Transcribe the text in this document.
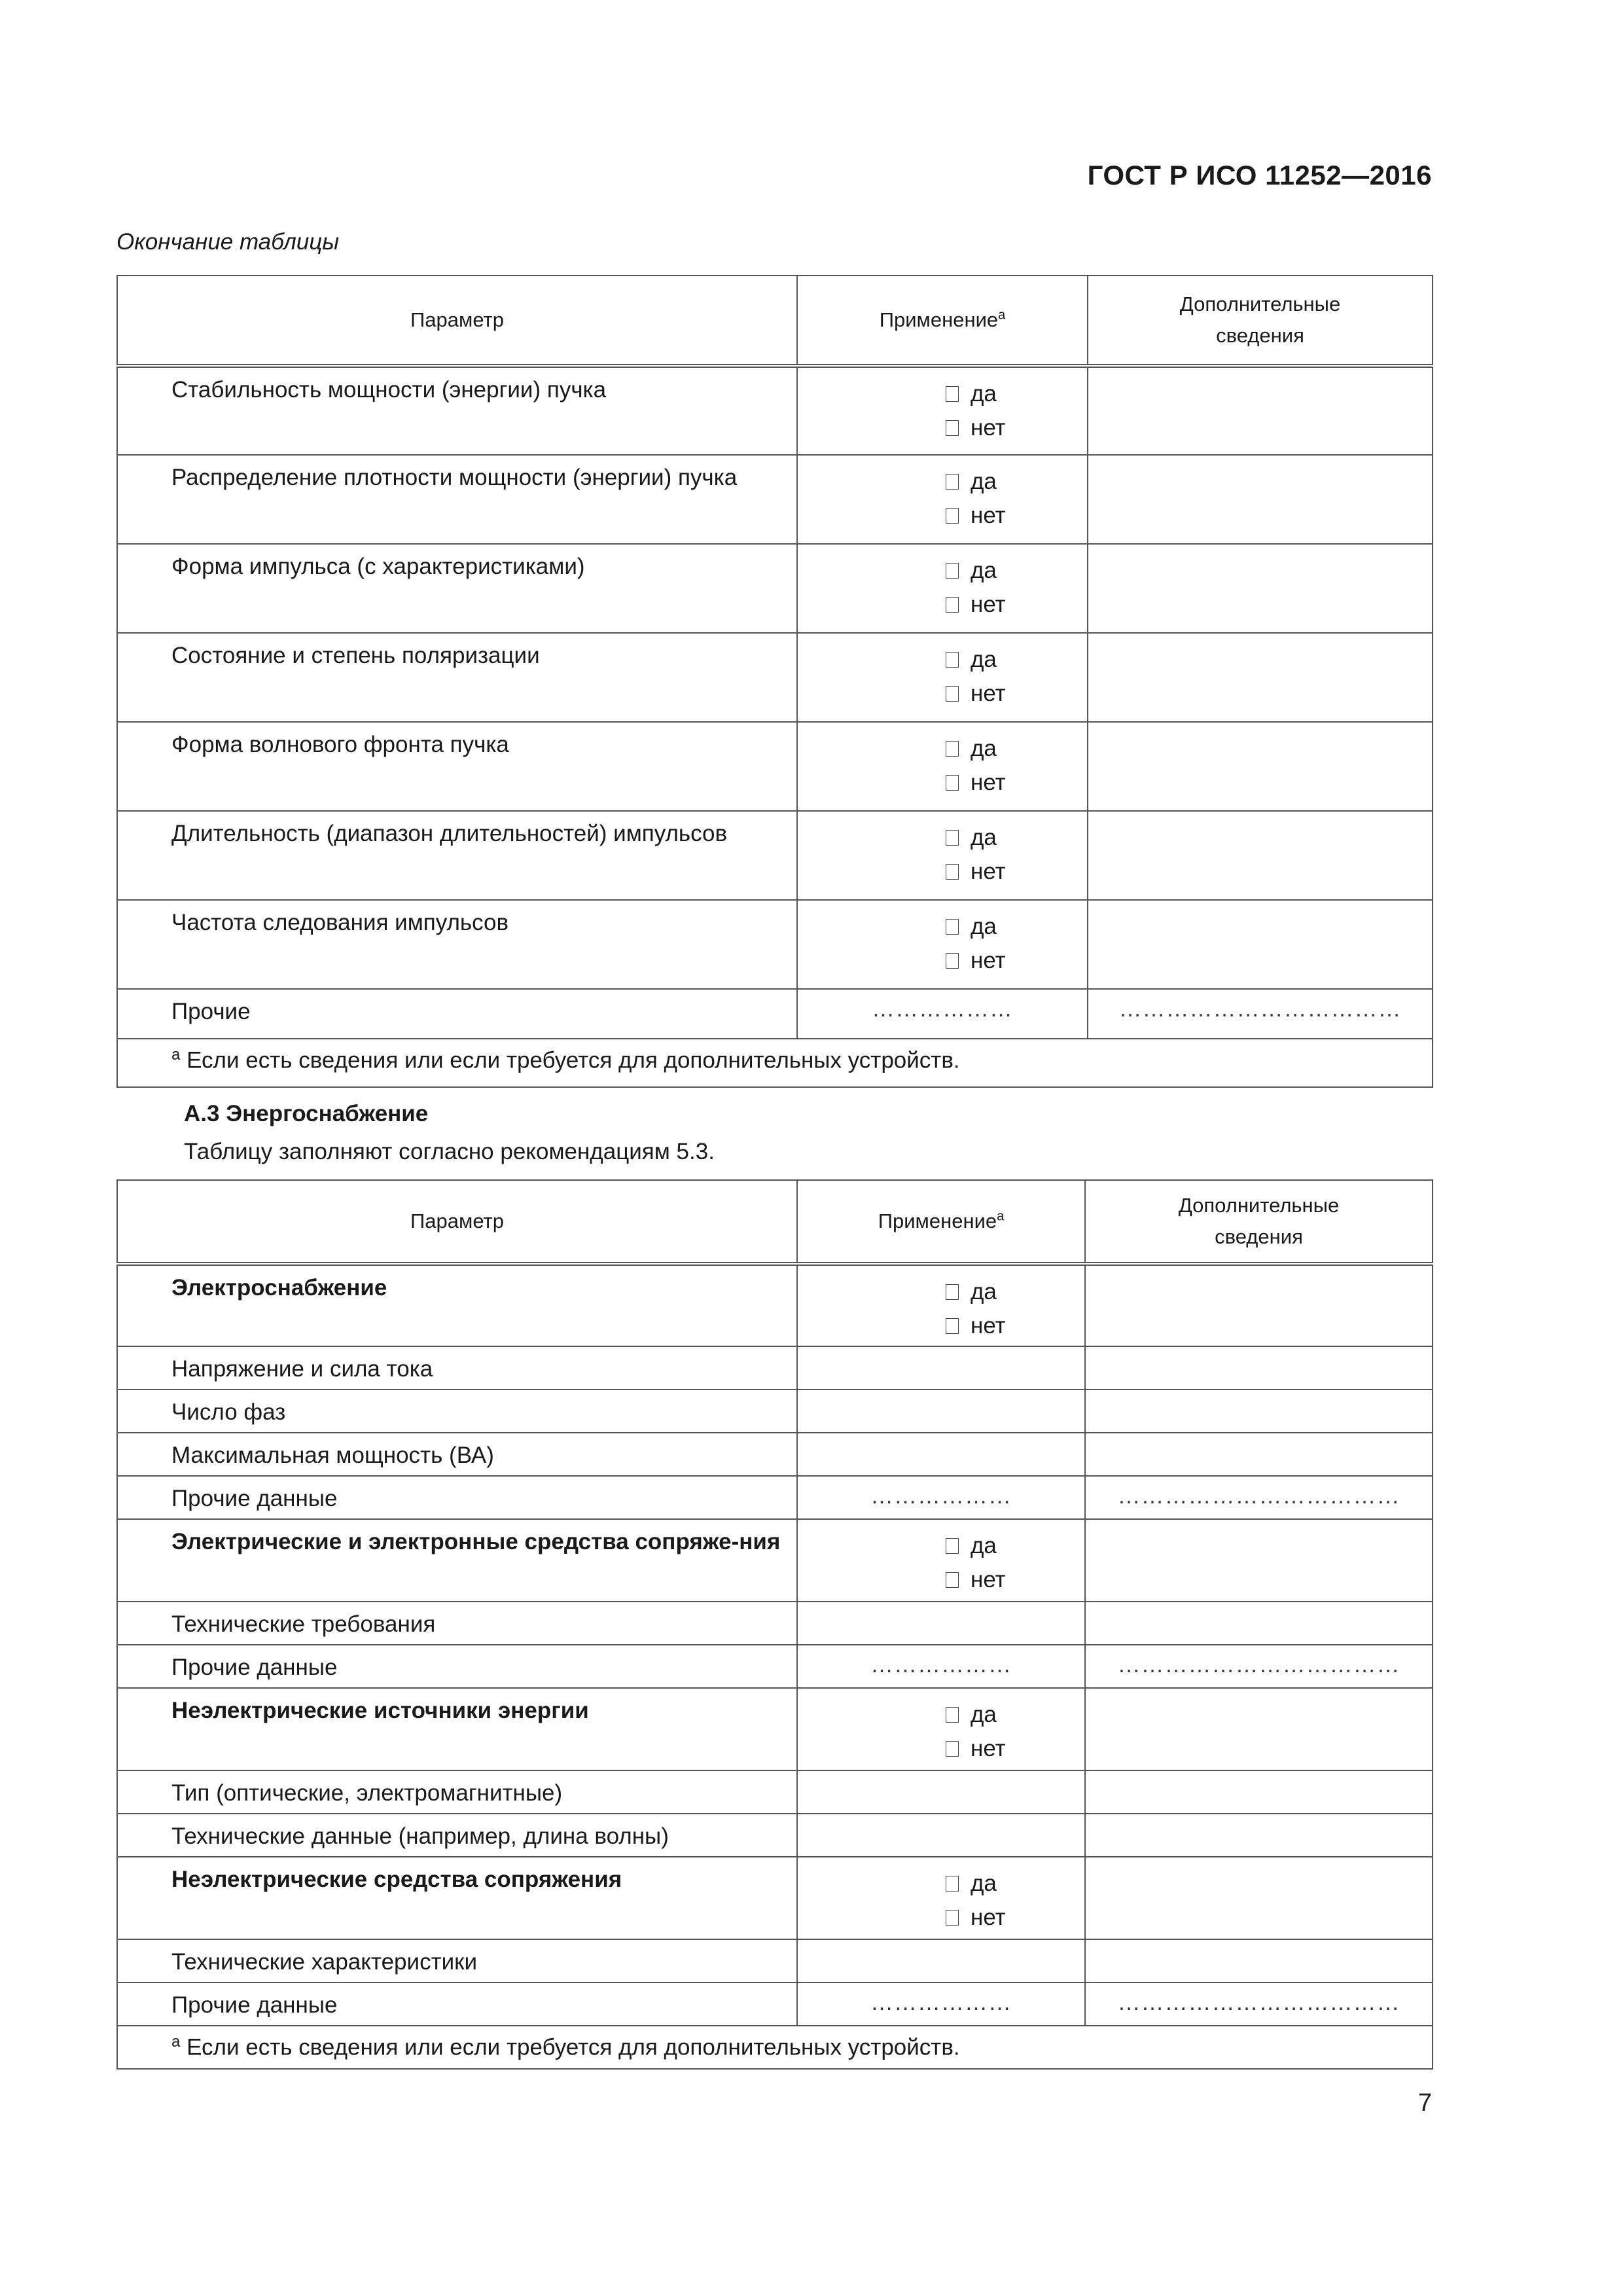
ГОСТ Р ИСО 11252—2016
Окончание таблицы
Параметр	Применение$^a$	Дополнительные сведения
Стабильность мощности (энергии) пучка	да
нет	

Распределение плотности мощности (энергии) пучка	да
нет	

Форма импульса (с характеристиками)	да
нет	

Состояние и степень поляризации	да
нет	

Форма волнового фронта пучка	да
нет	

Длительность (диапазон длительностей) импульсов	да
нет	

Частота следования импульсов	да
нет	

Прочие	………………	………………………………
$^a$ Если есть сведения или если требуется для дополнительных устройств.		
А.3 Энергоснабжение
Таблицу заполняют согласно рекомендациям 5.3.
Параметр	Применение$^a$	Дополнительные сведения
Электроснабжение	да
нет	

Напряжение и сила тока		
Число фаз		
Максимальная мощность (ВА)		
Прочие данные	………………	………………………………
Электрические и электронные средства сопряже-ния	да
нет	

Технические требования		
Прочие данные	………………	………………………………
Неэлектрические источники энергии	да
нет	

Тип (оптические, электромагнитные)		
Технические данные (например, длина волны)		
Неэлектрические средства сопряжения	да
нет	

Технические характеристики		
Прочие данные	………………	………………………………
$^a$ Если есть сведения или если требуется для дополнительных устройств.		
7
